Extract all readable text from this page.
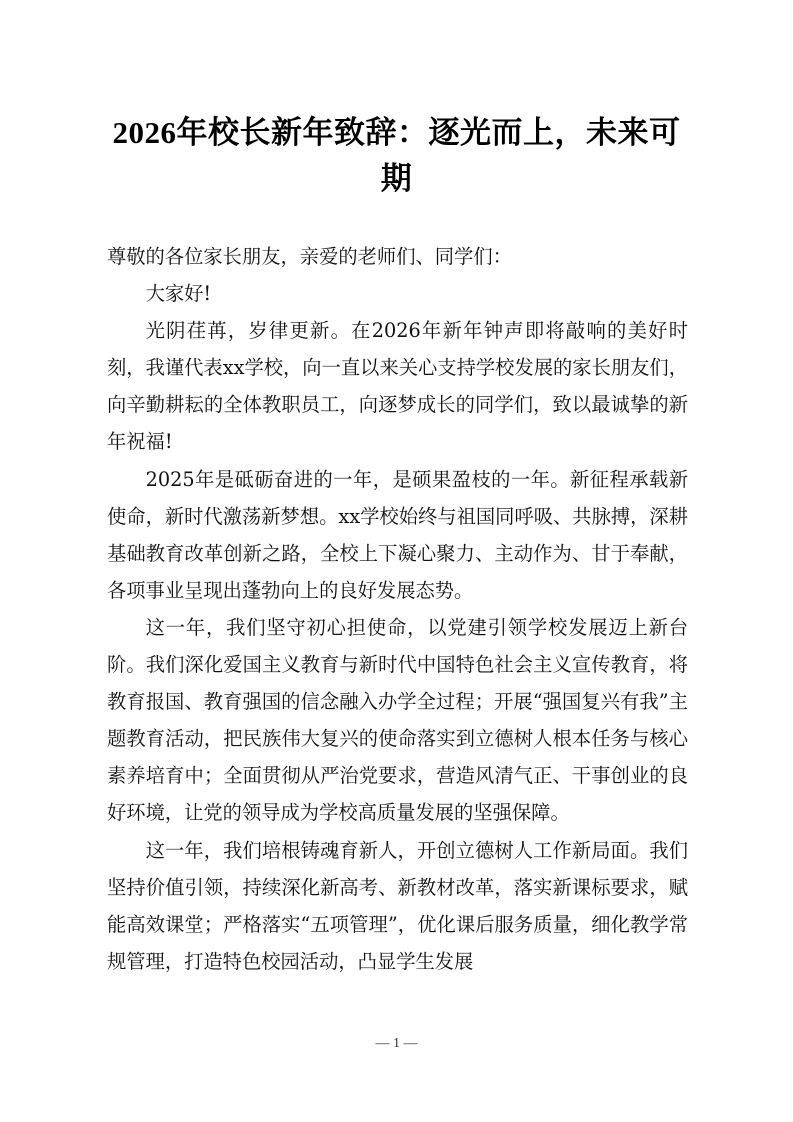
2026年校长新年致辞：逐光而上，未来可期

尊敬的各位家长朋友，亲爱的老师们、同学们：

大家好!

光阴荏苒，岁律更新。在2026年新年钟声即将敲响的美好时刻，我谨代表xx学校，向一直以来关心支持学校发展的家长朋友们，向辛勤耕耘的全体教职员工，向逐梦成长的同学们，致以最诚挚的新年祝福!

2025年是砥砺奋进的一年，是硕果盈枝的一年。新征程承载新使命，新时代激荡新梦想。xx学校始终与祖国同呼吸、共脉搏，深耕基础教育改革创新之路，全校上下凝心聚力、主动作为、甘于奉献，各项事业呈现出蓬勃向上的良好发展态势。

这一年，我们坚守初心担使命，以党建引领学校发展迈上新台阶。我们深化爱国主义教育与新时代中国特色社会主义宣传教育，将教育报国、教育强国的信念融入办学全过程；开展“强国复兴有我”主题教育活动，把民族伟大复兴的使命落实到立德树人根本任务与核心素养培育中；全面贯彻从严治党要求，营造风清气正、干事创业的良好环境，让党的领导成为学校高质量发展的坚强保障。

这一年，我们培根铸魂育新人，开创立德树人工作新局面。我们坚持价值引领，持续深化新高考、新教材改革，落实新课标要求，赋能高效课堂；严格落实“五项管理”，优化课后服务质量，细化教学常规管理，打造特色校园活动，凸显学生发展

— 1 —
